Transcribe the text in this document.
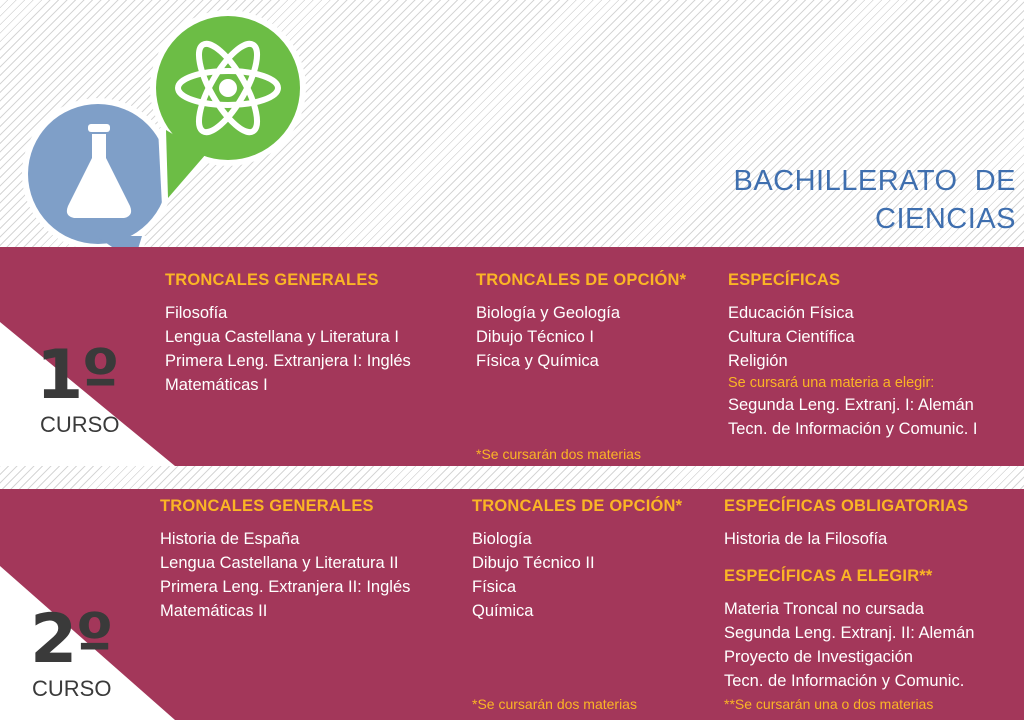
BACHILLERATO  DE
CIENCIAS
1º
CURSO
TRONCALES GENERALES
Filosofía
Lengua Castellana y Literatura I
Primera Leng. Extranjera I: Inglés
Matemáticas I
TRONCALES DE OPCIÓN*
Biología y Geología
Dibujo Técnico I
Física y Química
*Se cursarán dos materias
ESPECÍFICAS
Educación Física
Cultura Científica
Religión
Se cursará una materia a elegir:
Segunda Leng. Extranj. I: Alemán
Tecn. de Información y Comunic. I
2º
CURSO
TRONCALES GENERALES
Historia de España
Lengua Castellana y Literatura II
Primera Leng. Extranjera II: Inglés
Matemáticas II
TRONCALES DE OPCIÓN*
Biología
Dibujo Técnico II
Física
Química
*Se cursarán dos materias
ESPECÍFICAS OBLIGATORIAS
Historia de la Filosofía
ESPECÍFICAS A ELEGIR**
Materia Troncal no cursada
Segunda Leng. Extranj. II: Alemán
Proyecto de Investigación
Tecn. de Información y Comunic.
**Se cursarán una o dos materias
